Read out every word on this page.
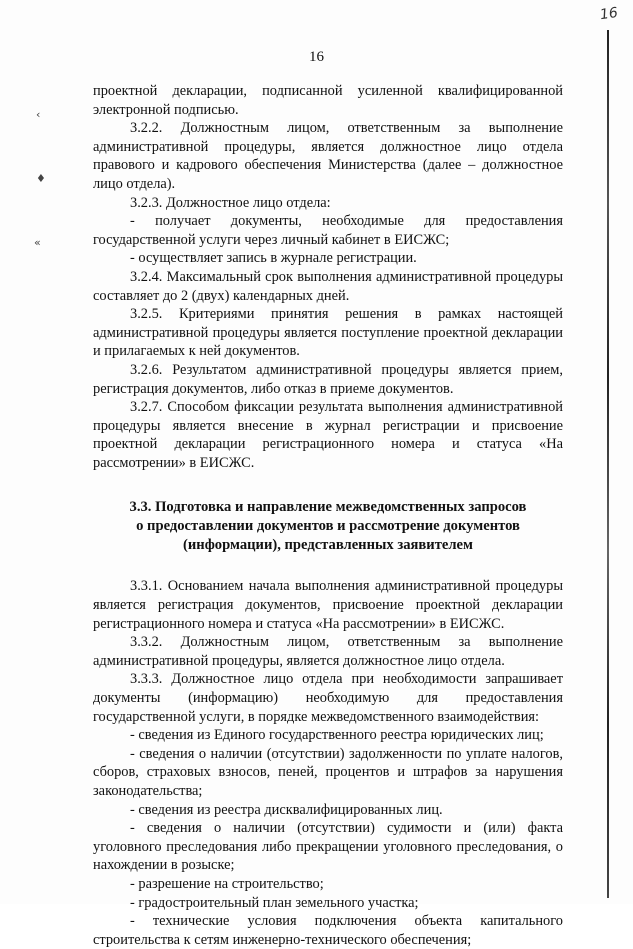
16
‹
♦
«
16

проектной декларации, подписанной усиленной квалифицированной электронной подписью.

3.2.2. Должностным лицом, ответственным за выполнение административной процедуры, является должностное лицо отдела правового и кадрового обеспечения Министерства (далее – должностное лицо отдела).

3.2.3. Должностное лицо отдела:

- получает документы, необходимые для предоставления государственной услуги через личный кабинет в ЕИСЖС;

- осуществляет запись в журнале регистрации.

3.2.4. Максимальный срок выполнения административной процедуры составляет до 2 (двух) календарных дней.

3.2.5. Критериями принятия решения в рамках настоящей административной процедуры является поступление проектной декларации и прилагаемых к ней документов.

3.2.6. Результатом административной процедуры является прием, регистрация документов, либо отказ в приеме документов.

3.2.7. Способом фиксации результата выполнения административной процедуры является внесение в журнал регистрации и присвоение проектной декларации регистрационного номера и статуса «На рассмотрении» в ЕИСЖС.

3.3. Подготовка и направление межведомственных запросов
о предоставлении документов и рассмотрение документов
(информации), представленных заявителем

3.3.1. Основанием начала выполнения административной процедуры является регистрация документов, присвоение проектной декларации регистрационного номера и статуса «На рассмотрении» в ЕИСЖС.

3.3.2. Должностным лицом, ответственным за выполнение административной процедуры, является должностное лицо отдела.

3.3.3. Должностное лицо отдела при необходимости запрашивает документы (информацию) необходимую для предоставления государственной услуги, в порядке межведомственного взаимодействия:

- сведения из Единого государственного реестра юридических лиц;

- сведения о наличии (отсутствии) задолженности по уплате налогов, сборов, страховых взносов, пеней, процентов и штрафов за нарушения законодательства;

- сведения из реестра дисквалифицированных лиц.

- сведения о наличии (отсутствии) судимости и (или) факта уголовного преследования либо прекращении уголовного преследования, о нахождении в розыске;

- разрешение на строительство;

- градостроительный план земельного участка;

- технические условия подключения объекта капитального строительства к сетям инженерно-технического обеспечения;
